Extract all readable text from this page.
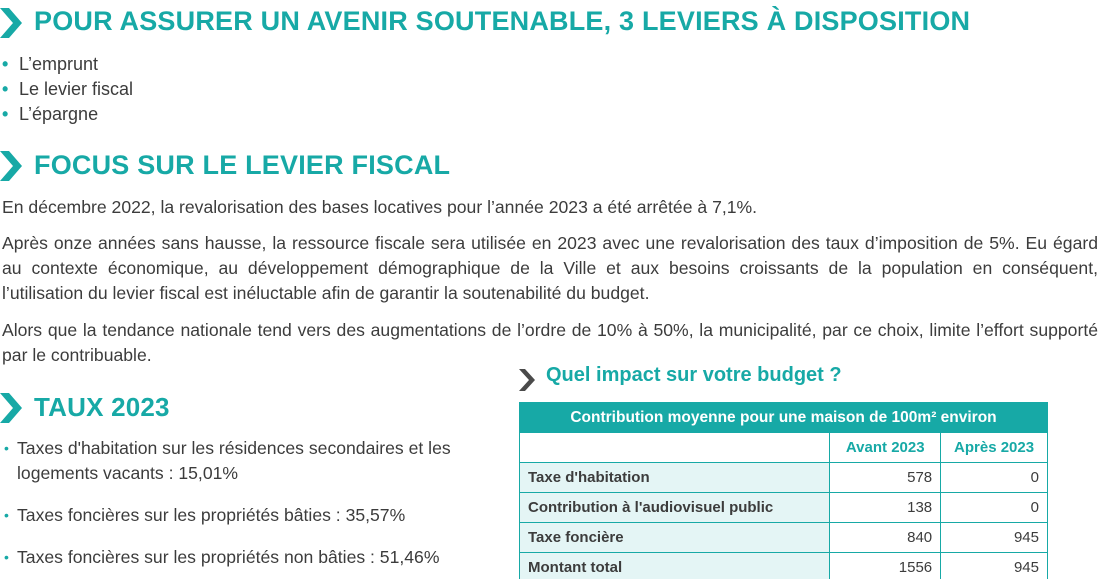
POUR ASSURER UN AVENIR SOUTENABLE, 3 LEVIERS À DISPOSITION
• L’emprunt
• Le levier fiscal
• L’épargne
FOCUS SUR LE LEVIER FISCAL

En décembre 2022, la revalorisation des bases locatives pour l’année 2023 a été arrêtée à 7,1%.

Après onze années sans hausse, la ressource fiscale sera utilisée en 2023 avec une revalorisation des taux d’imposition de 5%. Eu égard au contexte économique, au développement démographique de la Ville et aux besoins croissants de la population en conséquent, l’utilisation du levier fiscal est inéluctable afin de garantir la soutenabilité du budget.

Alors que la tendance nationale tend vers des augmentations de l’ordre de 10% à 50%, la municipalité, par ce choix, limite l’effort supporté par le contribuable.

TAUX 2023
• Taxes d'habitation sur les résidences secondaires et les logements vacants : 15,01%
• Taxes foncières sur les propriétés bâties : 35,57%
• Taxes foncières sur les propriétés non bâties : 51,46%
Quel impact sur votre budget ?
Contribution moyenne pour une maison de 100m² environ		
	Avant 2023	Après 2023
Taxe d'habitation	578	0
Contribution à l'audiovisuel public	138	0
Taxe foncière	840	945
Montant total	1556	945
